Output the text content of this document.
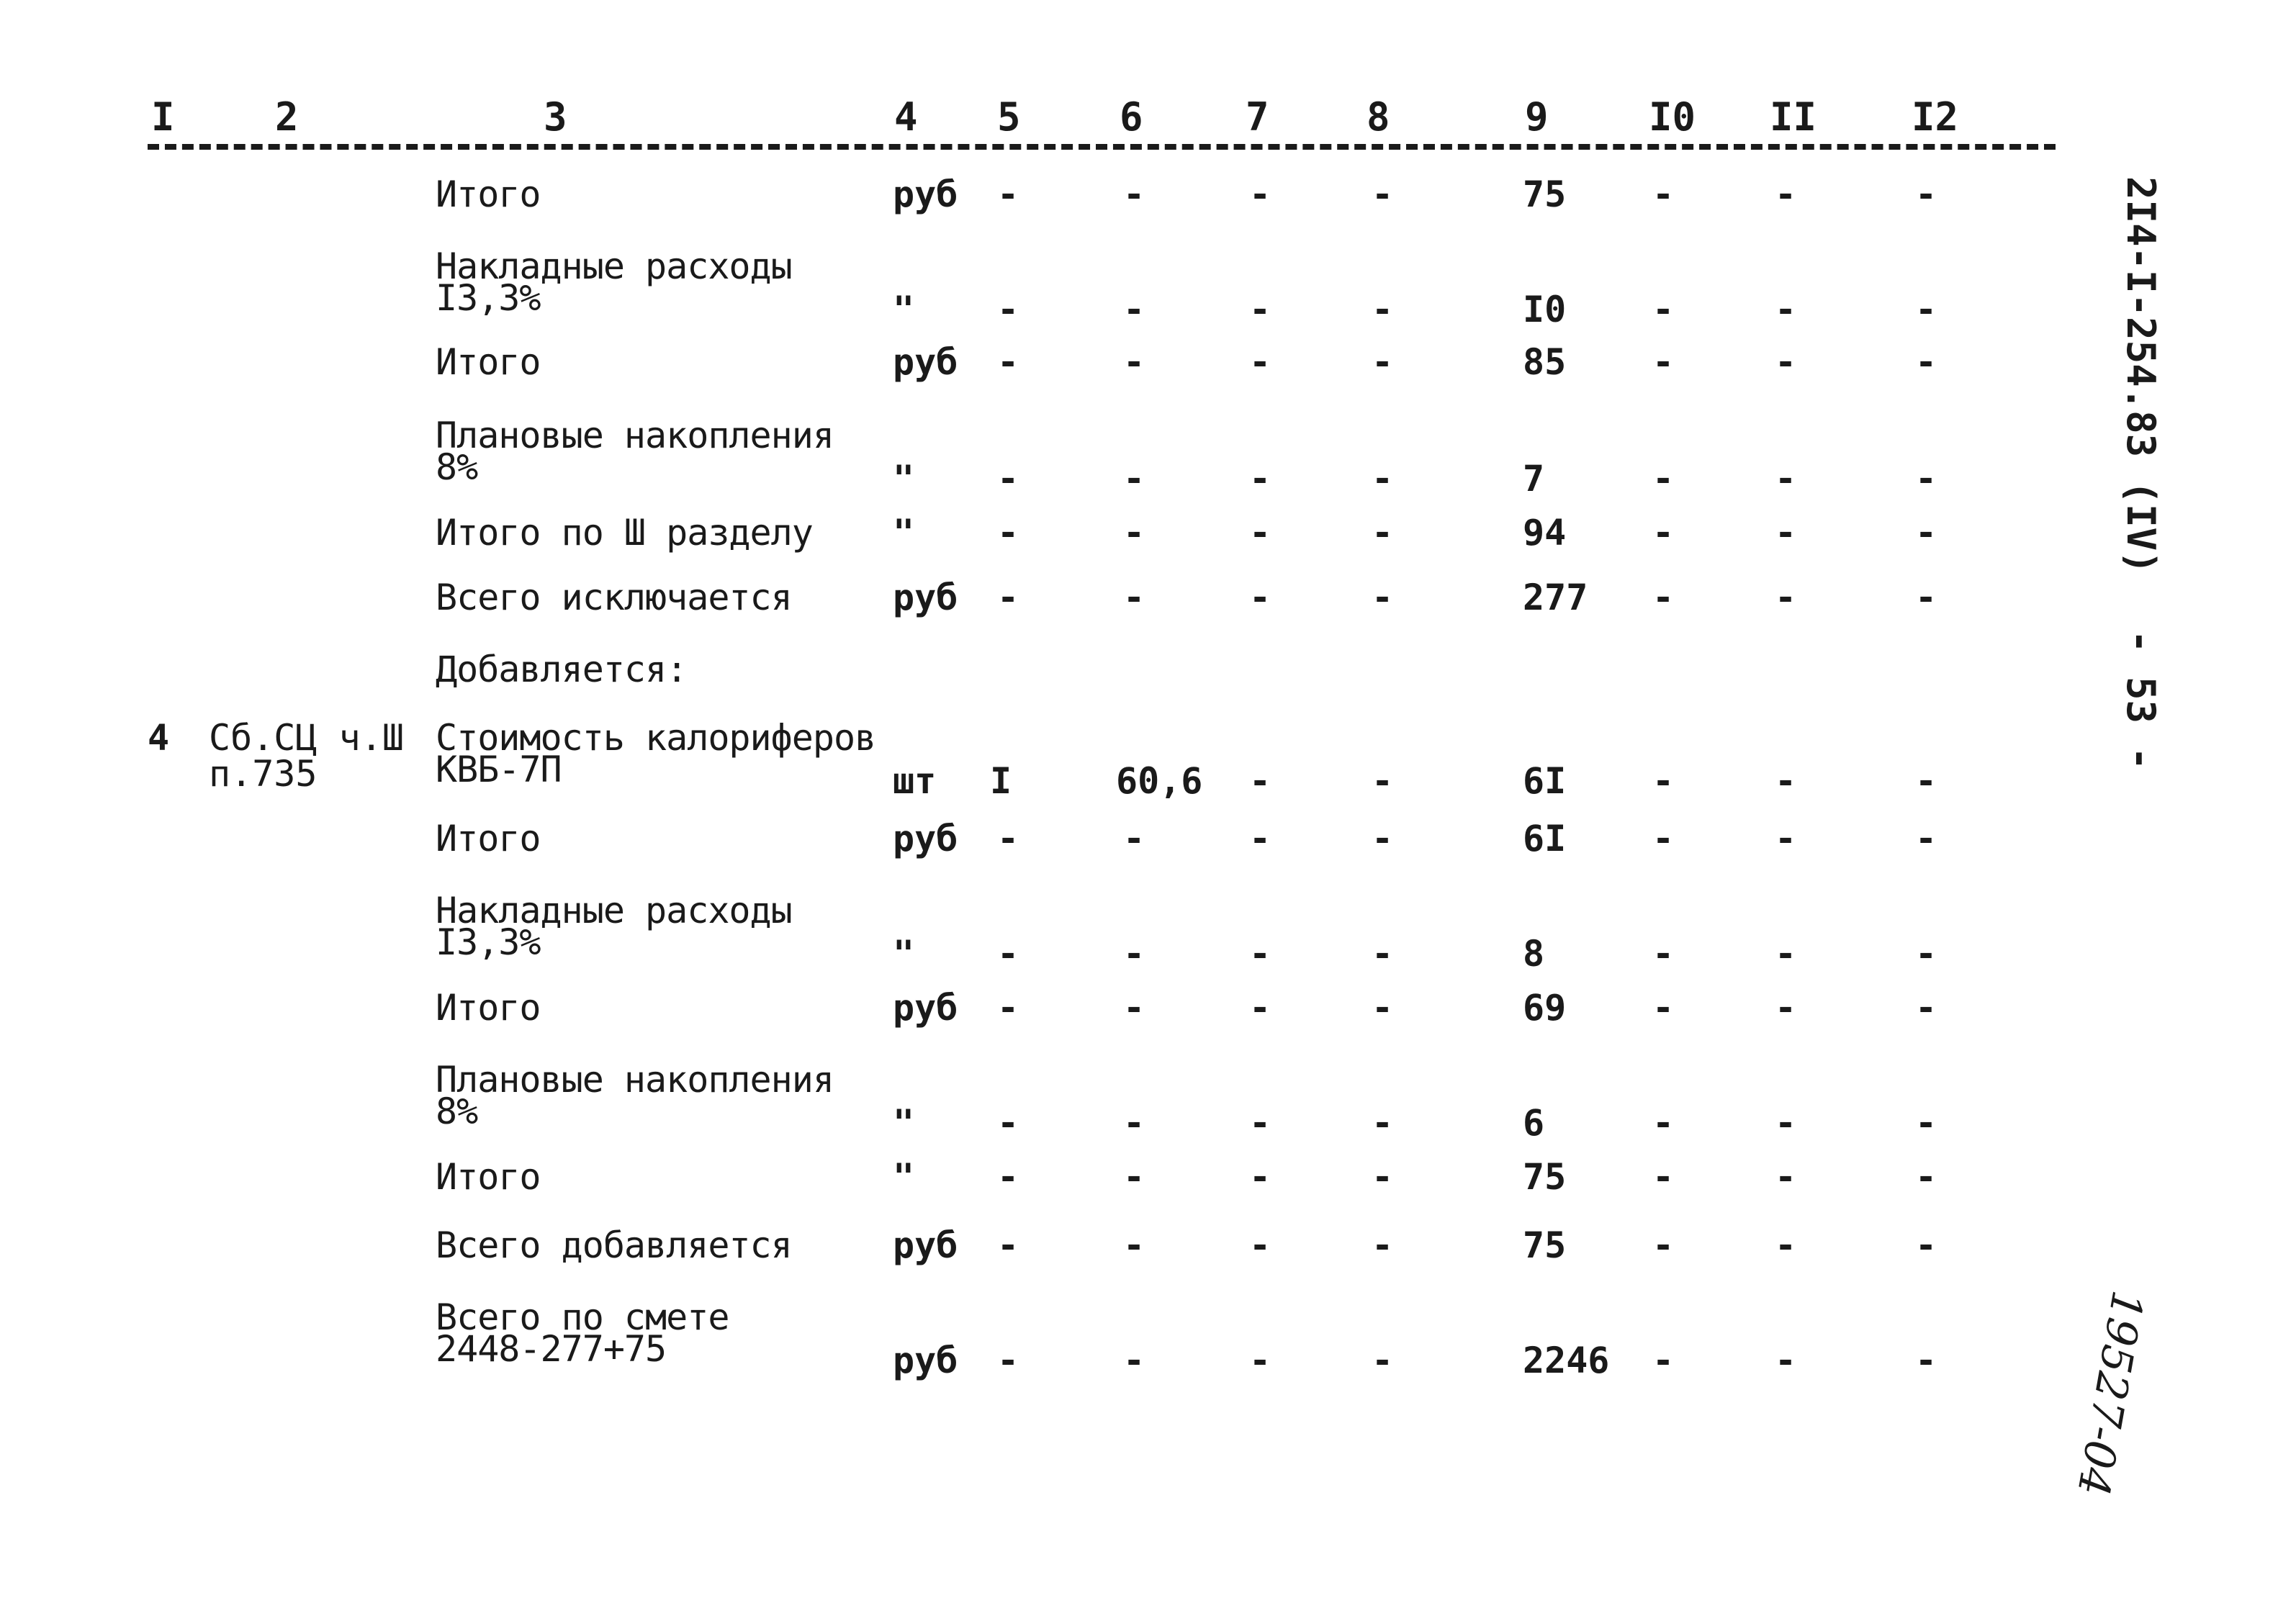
I	2	3	4 5	6	7	8	9	I0 II I2
Итого	руб -	-	-	-	75 -	-	-
Накладные расходы
I3,3%	" -	-	-	-	I0 -	-	-
Итого	руб -	-	-	-	85 -	-	-
Плановые накопления
8%	" -	-	-	-	7	-	-	-
Итого по Ш разделу " -	-	-	-	94 -	-	-
Всего исключается	руб -	-	-	-	277 -	-	-
Добавляется:
Стоимость калориферов
КВБ-7П
4 Сб.СЦ ч.Ш
п.735	шт I	60,6 -	-	6I -	-	-
Итого	руб -	-	-	-	6I -	-	-
Накладные расходы
I3,3%	" -	-	-	-	8	-	-	-
Итого	руб -	-	-	-	69 -	-	-
Плановые накопления
8%	" -	-	-	-	6	-	-	-
Итого	" -	-	-	-	75 -	-	-
Всего добавляется	руб -	-	-	-	75 -	-	-
Всего по смете
2448-277+75	руб -	-	-	-	2246 -	-	-
2I4-I-254.83 (IV)
- 53 -
19527-04
